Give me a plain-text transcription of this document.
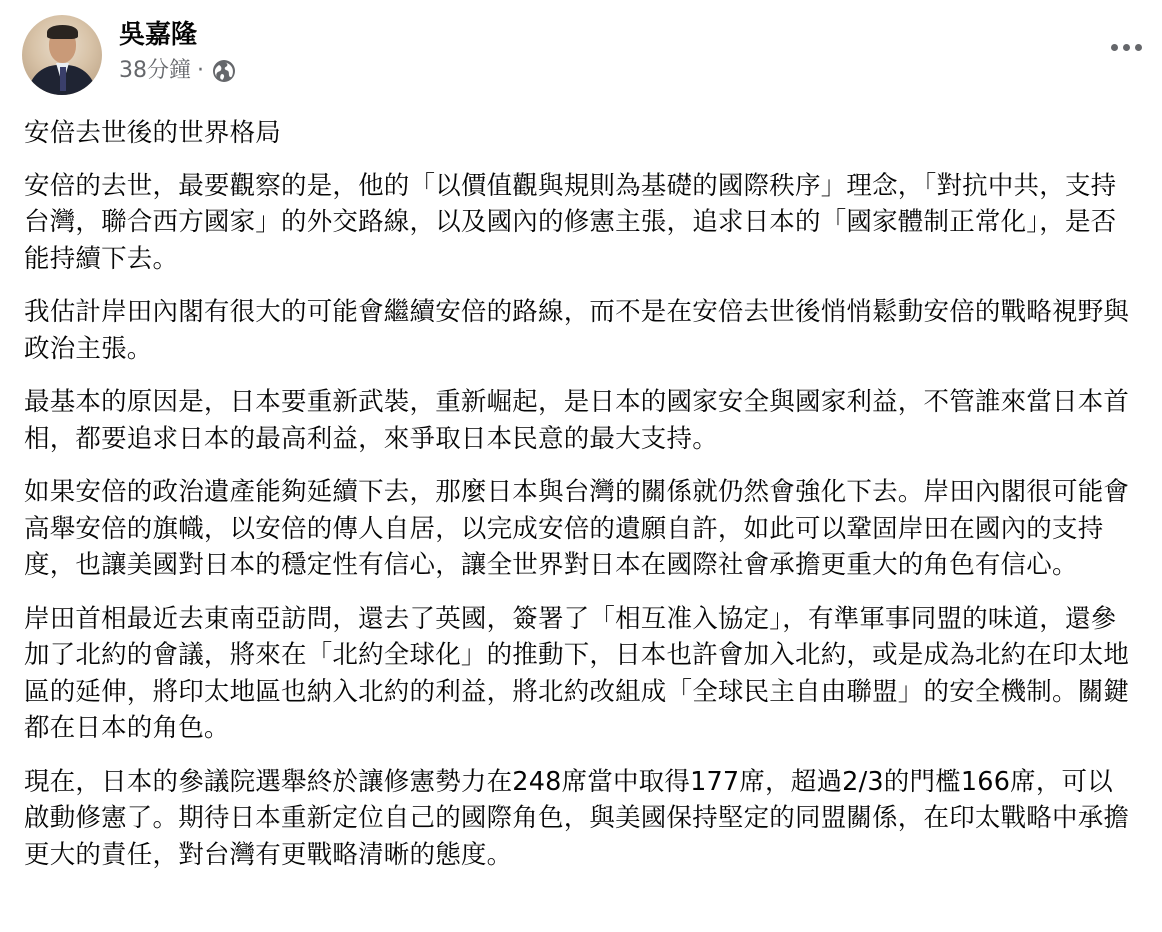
吳嘉隆
38分鐘 ·

安倍去世後的世界格局

安倍的去世，最要觀察的是，他的「以價值觀與規則為基礎的國際秩序」理念，「對抗中共，支持台灣，聯合西方國家」的外交路線，以及國內的修憲主張，追求日本的「國家體制正常化」，是否能持續下去。

我估計岸田內閣有很大的可能會繼續安倍的路線，而不是在安倍去世後悄悄鬆動安倍的戰略視野與政治主張。

最基本的原因是，日本要重新武裝，重新崛起，是日本的國家安全與國家利益，不管誰來當日本首相，都要追求日本的最高利益，來爭取日本民意的最大支持。

如果安倍的政治遺產能夠延續下去，那麼日本與台灣的關係就仍然會強化下去。岸田內閣很可能會高舉安倍的旗幟，以安倍的傳人自居，以完成安倍的遺願自許，如此可以鞏固岸田在國內的支持度，也讓美國對日本的穩定性有信心，讓全世界對日本在國際社會承擔更重大的角色有信心。

岸田首相最近去東南亞訪問，還去了英國，簽署了「相互准入協定」，有準軍事同盟的味道，還參加了北約的會議，將來在「北約全球化」的推動下，日本也許會加入北約，或是成為北約在印太地區的延伸，將印太地區也納入北約的利益，將北約改組成「全球民主自由聯盟」的安全機制。關鍵都在日本的角色。

現在，日本的參議院選舉終於讓修憲勢力在248席當中取得177席，超過2/3的門檻166席，可以啟動修憲了。期待日本重新定位自己的國際角色，與美國保持堅定的同盟關係，在印太戰略中承擔更大的責任，對台灣有更戰略清晰的態度。
